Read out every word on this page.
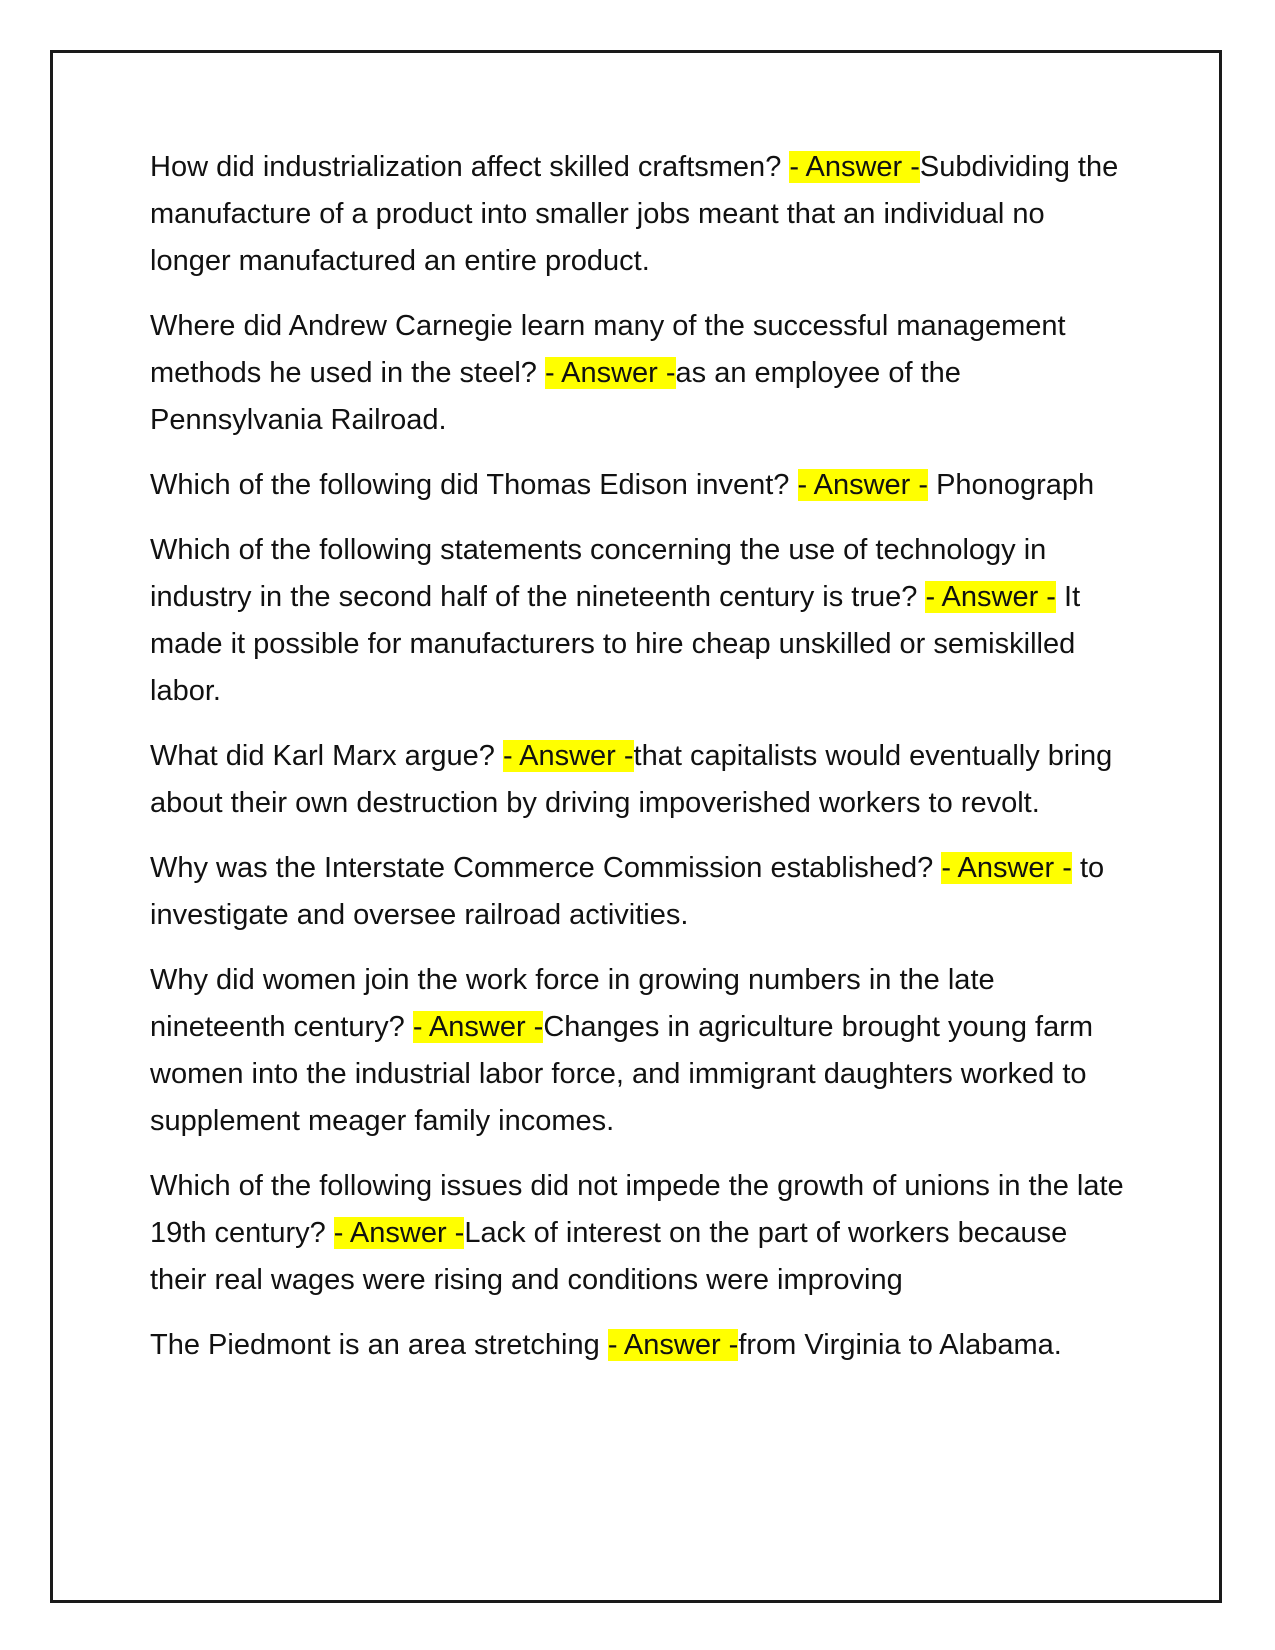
How did industrialization affect skilled craftsmen? - Answer -Subdividing the manufacture of a product into smaller jobs meant that an individual no longer manufactured an entire product.

Where did Andrew Carnegie learn many of the successful management methods he used in the steel? - Answer -as an employee of the Pennsylvania Railroad.

Which of the following did Thomas Edison invent? - Answer - Phonograph

Which of the following statements concerning the use of technology in industry in the second half of the nineteenth century is true? - Answer - It made it possible for manufacturers to hire cheap unskilled or semiskilled labor.

What did Karl Marx argue? - Answer -that capitalists would eventually bring about their own destruction by driving impoverished workers to revolt.

Why was the Interstate Commerce Commission established? - Answer - to investigate and oversee railroad activities.

Why did women join the work force in growing numbers in the late nineteenth century? - Answer -Changes in agriculture brought young farm women into the industrial labor force, and immigrant daughters worked to supplement meager family incomes.

Which of the following issues did not impede the growth of unions in the late 19th century? - Answer -Lack of interest on the part of workers because their real wages were rising and conditions were improving

The Piedmont is an area stretching - Answer -from Virginia to Alabama.
